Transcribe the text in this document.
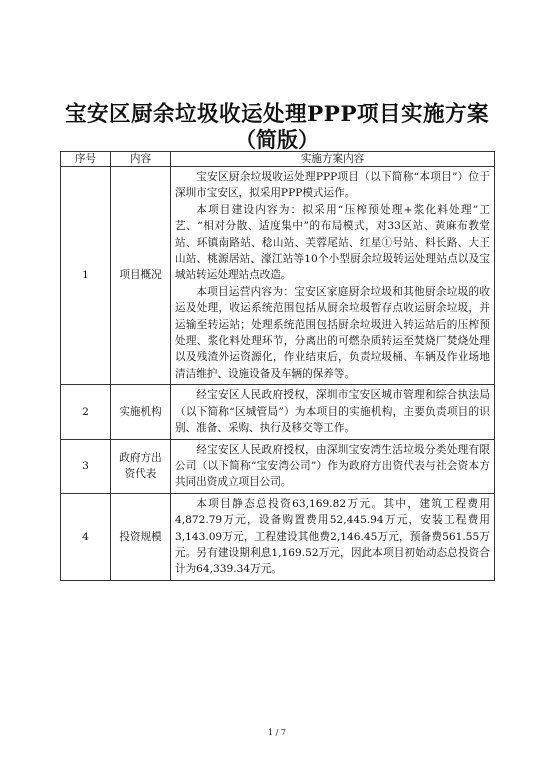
宝安区厨余垃圾收运处理PPP项目实施方案
（简版）
序号	内容	实施方案内容
1	项目概况	宝安区厨余垃圾收运处理PPP项目（以下简称“本项目”）位于深圳市宝安区，拟采用PPP模式运作。

本项目建设内容为：拟采用“压榨预处理+浆化料处理”工艺、“相对分散、适度集中”的布局模式，对33区站、黄麻布教堂站、环镇南路站、稔山站、芙蓉尾站、红星①号站、料长路、大王山站、桃源居站、濠江站等10个小型厨余垃圾转运处理站点以及宝城站转运处理站点改造。

本项目运营内容为：宝安区家庭厨余垃圾和其他厨余垃圾的收运及处理，收运系统范围包括从厨余垃圾暂存点收运厨余垃圾，并运输至转运站；处理系统范围包括厨余垃圾进入转运站后的压榨预处理、浆化料处理环节，分离出的可燃杂质转运至焚烧厂焚烧处理以及残渣外运资源化，作业结束后，负责垃圾桶、车辆及作业场地清洁维护、设施设备及车辆的保养等。

2	实施机构	经宝安区人民政府授权，深圳市宝安区城市管理和综合执法局（以下简称“区城管局”）为本项目的实施机构，主要负责项目的识别、准备、采购、执行及移交等工作。

3	政府方出资代表	经宝安区人民政府授权，由深圳宝安湾生活垃圾分类处理有限公司（以下简称“宝安湾公司”）作为政府方出资代表与社会资本方共同出资成立项目公司。

4	投资规模	本项目静态总投资63,169.82万元。其中，建筑工程费用4,872.79万元，设备购置费用52,445.94万元，安装工程费用3,143.09万元，工程建设其他费2,146.45万元，预备费561.55万元。另有建设期利息1,169.52万元，因此本项目初始动态总投资合计为64,339.34万元。

1 / 7
